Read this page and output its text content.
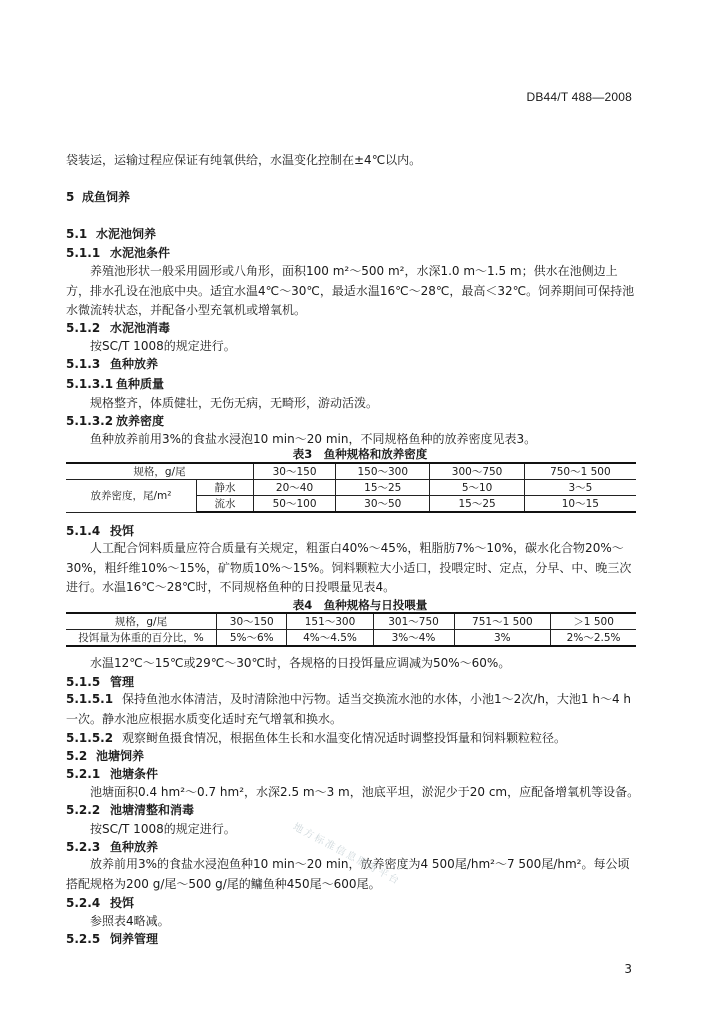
DB44/T 488—2008
袋装运，运输过程应保证有纯氧供给，水温变化控制在±4℃以内。
5 成鱼饲养
5.1 水泥池饲养
5.1.1 水泥池条件
养殖池形状一般采用圆形或八角形，面积100 m²～500 m²，水深1.0 m～1.5 m；供水在池侧边上方，排水孔设在池底中央。适宜水温4℃～30℃，最适水温16℃～28℃，最高＜32℃。饲养期间可保持池水微流转状态，并配备小型充氧机或增氧机。
5.1.2 水泥池消毒
按SC/T 1008的规定进行。
5.1.3 鱼种放养
5.1.3.1 鱼种质量
规格整齐，体质健壮，无伤无病，无畸形，游动活泼。
5.1.3.2 放养密度
鱼种放养前用3%的食盐水浸泡10 min～20 min，不同规格鱼种的放养密度见表3。
表3　鱼种规格和放养密度
规格，g/尾		30～150	150～300	300～750	750～1 500
放养密度，尾/m²	静水	20～40	15～25	5～10	3～5
	流水	50～100	30～50	15～25	10～15
5.1.4 投饵
人工配合饲料质量应符合质量有关规定，粗蛋白40%～45%，粗脂肪7%～10%，碳水化合物20%～30%，粗纤维10%～15%，矿物质10%～15%。饲料颗粒大小适口，投喂定时、定点，分早、中、晚三次进行。水温16℃～28℃时，不同规格鱼种的日投喂量见表4。
表4　鱼种规格与日投喂量
规格，g/尾	30～150	151～300	301～750	751～1 500	＞1 500
投饵量为体重的百分比，%	5%～6%	4%～4.5%	3%～4%	3%	2%～2.5%
水温12℃～15℃或29℃～30℃时，各规格的日投饵量应调减为50%～60%。
5.1.5 管理
5.1.5.1 保持鱼池水体清洁，及时清除池中污物。适当交换流水池的水体，小池1～2次/h，大池1 h～4 h一次。静水池应根据水质变化适时充气增氧和换水。
5.1.5.2 观察鲥鱼摄食情况，根据鱼体生长和水温变化情况适时调整投饵量和饲料颗粒粒径。
5.2 池塘饲养
5.2.1 池塘条件
池塘面积0.4 hm²～0.7 hm²，水深2.5 m～3 m，池底平坦，淤泥少于20 cm，应配备增氧机等设备。
5.2.2 池塘清整和消毒
按SC/T 1008的规定进行。
5.2.3 鱼种放养
放养前用3%的食盐水浸泡鱼种10 min～20 min，放养密度为4 500尾/hm²～7 500尾/hm²。每公顷搭配规格为200 g/尾～500 g/尾的鳙鱼种450尾～600尾。
5.2.4 投饵
参照表4略减。
5.2.5 饲养管理
地方标准信息服务平台
3
